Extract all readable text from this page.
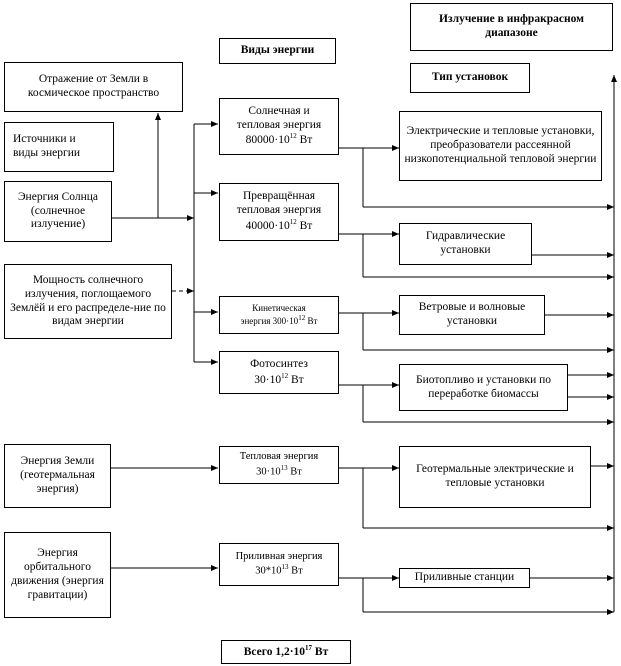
Излучение в инфракрасном диапазоне
Виды энергии
Тип установок
Отражение от Земли в космическое пространство
Источники и
виды энергии
Энергия Солнца (солнечное излучение)
Мощность солнечного излучения, поглощаемого Землёй и его распределе-ние по видам энергии
Энергия Земли (геотермальная энергия)
Энергия орбитального движения (энергия гравитации)
Солнечная и
тепловая энергия
$80000\cdot 10^{12}$ Вт
Превращённая
тепловая энергия
$40000\cdot 10^{12}$ Вт
Кинетическая
энергия $300\cdot 10^{12}$ Вт
Фотосинтез
$30\cdot 10^{12}$ Вт
Тепловая энергия
$30\cdot 10^{13}$ Вт
Приливная энергия
$30*10^{13}$ Вт
Электрические и тепловые установки, преобразователи рассеянной низкопотенциальной тепловой энергии
Гидравлические установки
Ветровые и волновые установки
Биотопливо и установки по переработке биомассы
Геотермальные электрические и тепловые установки
Приливные станции
Всего $1,2\cdot 10^{17}$ Вт
